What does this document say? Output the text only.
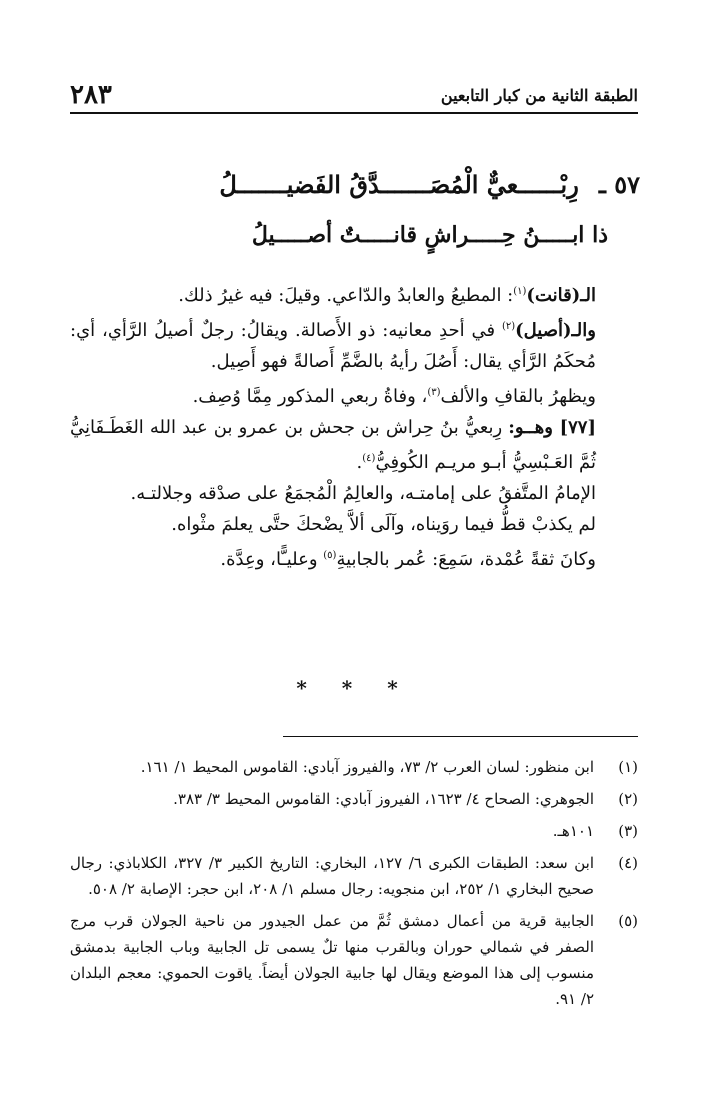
الطبقة الثانية من كبار التابعين
٢٨٣
٥٧ ـرِبْــــــعيٌّ الْمُصَـــــــدَّقُ الفَضيـــــــلُ
ذا ابـــــنُ حِـــــراشٍ قانـــــتٌ أصـــــيلُ

الـ(قانت)$^{(١)}$: المطيعُ والعابدُ والدّاعي. وقيلَ: فيه غيرُ ذلك.

والـ(أصيل)$^{(٢)}$ في أحدِ معانيه: ذو الأَصالة. ويقالُ: رجلٌ أصيلُ الرَّأي، أي: مُحكَمُ الرَّأي يقال: أَصُلَ رأيهُ بالضَّمِّ أَصالةً فهو أَصِيل.

ويظهرُ بالقافِ والألف$^{(٣)}$، وفاةُ ربعي المذكور مِمَّا وُصِف.

[٧٧] وهــو: رِبعيُّ بنُ حِراش بن جحش بن عمرو بن عبد الله الغَطَـفَانِيُّ ثُمَّ العَـبْسِيُّ أبـو مريـم الكُوفِيُّ$^{(٤)}$.

الإمامُ المتَّفقُ على إمامتـه، والعالِمُ الْمُجمَعُ على صدْقه وجلالتـه.

لم يكذبْ قطُّ فيما روَيناه، وآلَى ألاَّ يضْحكَ حتَّى يعلمَ مثْواه.

وكانَ ثقةً عُمْدة، سَمِعَ: عُمر بالجابيةِ$^{(٥)}$ وعليـًّا، وعِدَّة.

* * *
(١)
ابن منظور: لسان العرب ٢/ ٧٣، والفيروز آبادي: القاموس المحيط ١/ ١٦١.
(٢)
الجوهري: الصحاح ٤/ ١٦٢٣، الفيروز آبادي: القاموس المحيط ٣/ ٣٨٣.
(٣)
١٠١هـ.
(٤)
ابن سعد: الطبقات الكبرى ٦/ ١٢٧، البخاري: التاريخ الكبير ٣/ ٣٢٧، الكلاباذي: رجال صحيح البخاري ١/ ٢٥٢، ابن منجويه: رجال مسلم ١/ ٢٠٨، ابن حجر: الإصابة ٢/ ٥٠٨.
(٥)
الجابية قرية من أعمال دمشق ثُمَّ من عمل الجيدور من ناحية الجولان قرب مرج الصفر في شمالي حوران وبالقرب منها تلٌ يسمى تل الجابية وباب الجابية بدمشق منسوب إلى هذا الموضع ويقال لها جابية الجولان أيضاً. ياقوت الحموي: معجم البلدان ٢/ ٩١.
